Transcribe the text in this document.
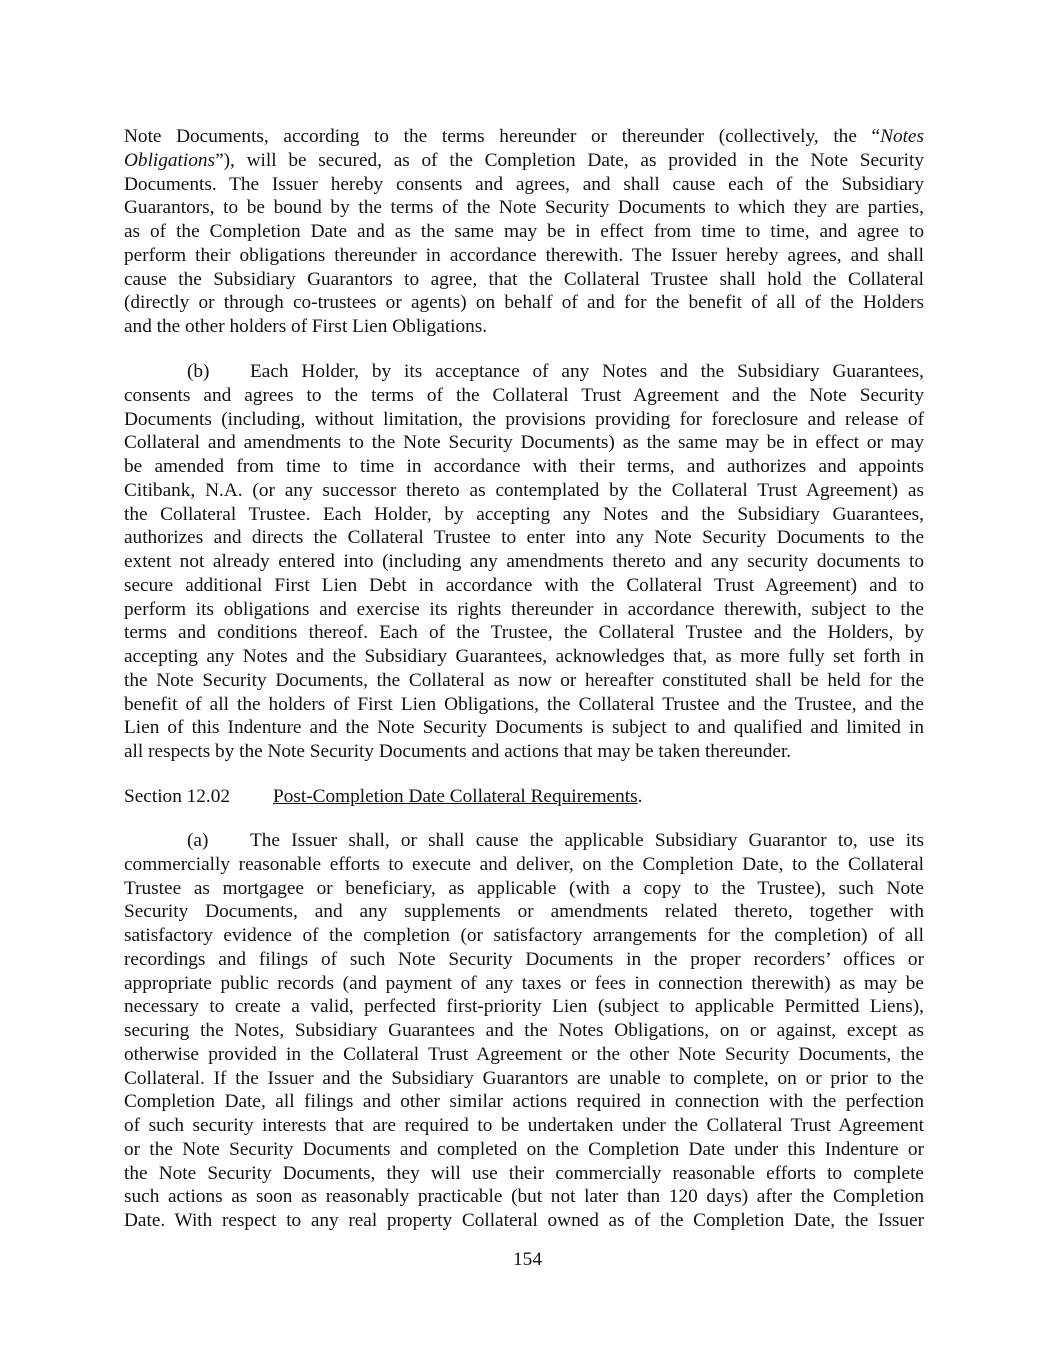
Note Documents, according to the terms hereunder or thereunder (collectively, the “Notes
Obligations”), will be secured, as of the Completion Date, as provided in the Note Security
Documents. The Issuer hereby consents and agrees, and shall cause each of the Subsidiary
Guarantors, to be bound by the terms of the Note Security Documents to which they are parties,
as of the Completion Date and as the same may be in effect from time to time, and agree to
perform their obligations thereunder in accordance therewith. The Issuer hereby agrees, and shall
cause the Subsidiary Guarantors to agree, that the Collateral Trustee shall hold the Collateral
(directly or through co-trustees or agents) on behalf of and for the benefit of all of the Holders
and the other holders of First Lien Obligations.
(b) Each Holder, by its acceptance of any Notes and the Subsidiary Guarantees,
consents and agrees to the terms of the Collateral Trust Agreement and the Note Security
Documents (including, without limitation, the provisions providing for foreclosure and release of
Collateral and amendments to the Note Security Documents) as the same may be in effect or may
be amended from time to time in accordance with their terms, and authorizes and appoints
Citibank, N.A. (or any successor thereto as contemplated by the Collateral Trust Agreement) as
the Collateral Trustee. Each Holder, by accepting any Notes and the Subsidiary Guarantees,
authorizes and directs the Collateral Trustee to enter into any Note Security Documents to the
extent not already entered into (including any amendments thereto and any security documents to
secure additional First Lien Debt in accordance with the Collateral Trust Agreement) and to
perform its obligations and exercise its rights thereunder in accordance therewith, subject to the
terms and conditions thereof. Each of the Trustee, the Collateral Trustee and the Holders, by
accepting any Notes and the Subsidiary Guarantees, acknowledges that, as more fully set forth in
the Note Security Documents, the Collateral as now or hereafter constituted shall be held for the
benefit of all the holders of First Lien Obligations, the Collateral Trustee and the Trustee, and the
Lien of this Indenture and the Note Security Documents is subject to and qualified and limited in
all respects by the Note Security Documents and actions that may be taken thereunder.
Section 12.02 Post-Completion Date Collateral Requirements.
(a) The Issuer shall, or shall cause the applicable Subsidiary Guarantor to, use its
commercially reasonable efforts to execute and deliver, on the Completion Date, to the Collateral
Trustee as mortgagee or beneficiary, as applicable (with a copy to the Trustee), such Note
Security Documents, and any supplements or amendments related thereto, together with
satisfactory evidence of the completion (or satisfactory arrangements for the completion) of all
recordings and filings of such Note Security Documents in the proper recorders’ offices or
appropriate public records (and payment of any taxes or fees in connection therewith) as may be
necessary to create a valid, perfected first-priority Lien (subject to applicable Permitted Liens),
securing the Notes, Subsidiary Guarantees and the Notes Obligations, on or against, except as
otherwise provided in the Collateral Trust Agreement or the other Note Security Documents, the
Collateral. If the Issuer and the Subsidiary Guarantors are unable to complete, on or prior to the
Completion Date, all filings and other similar actions required in connection with the perfection
of such security interests that are required to be undertaken under the Collateral Trust Agreement
or the Note Security Documents and completed on the Completion Date under this Indenture or
the Note Security Documents, they will use their commercially reasonable efforts to complete
such actions as soon as reasonably practicable (but not later than 120 days) after the Completion
Date. With respect to any real property Collateral owned as of the Completion Date, the Issuer
154
